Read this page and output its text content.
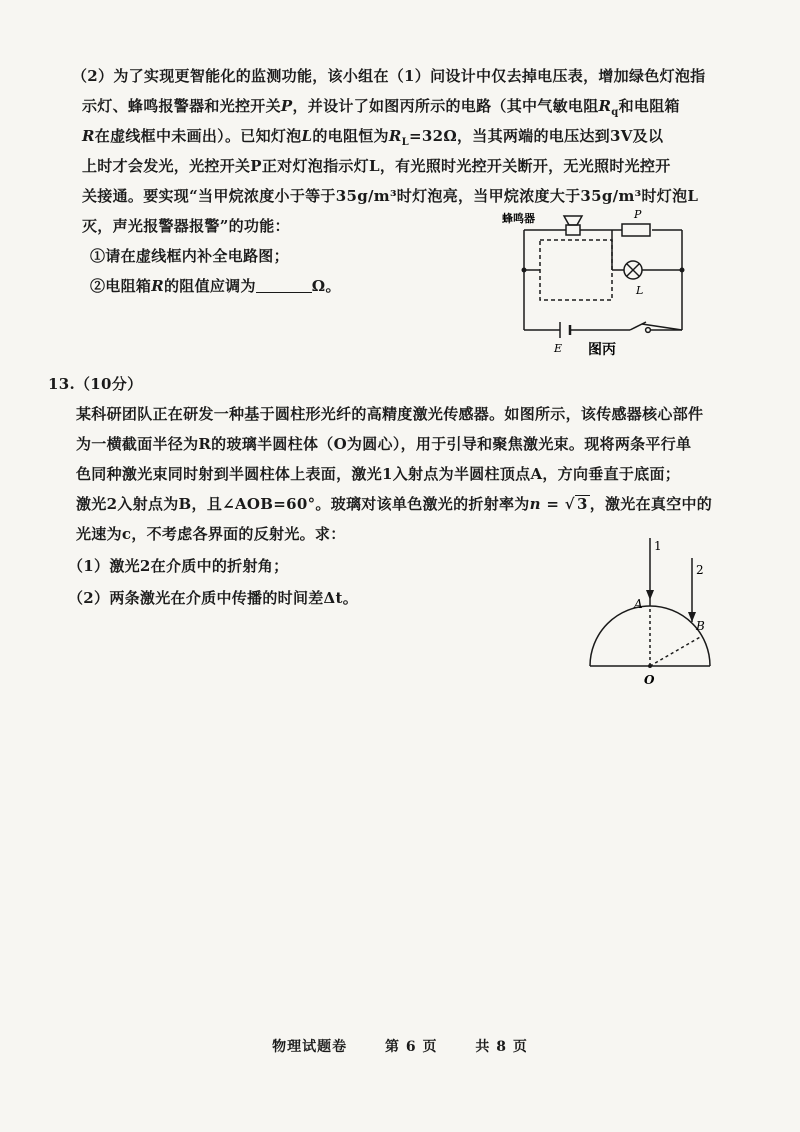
（2）为了实现更智能化的监测功能，该小组在（1）问设计中仅去掉电压表，增加绿色灯泡指
示灯、蜂鸣报警器和光控开关P，并设计了如图丙所示的电路（其中气敏电阻$R_q$和电阻箱
R在虚线框中未画出）。已知灯泡L的电阻恒为$R_L=32\Omega$，当其两端的电压达到3V及以
上时才会发光，光控开关P正对灯泡指示灯L，有光照时光控开关断开，无光照时光控开
关接通。要实现“当甲烷浓度小于等于35g/m³时灯泡亮，当甲烷浓度大于35g/m³时灯泡L
灭，声光报警器报警”的功能：
①请在虚线框内补全电路图；
②电阻箱R的阻值应调为	Ω。
蜂鸣器	P
L
E 图丙
13.（10分）
某科研团队正在研发一种基于圆柱形光纤的高精度激光传感器。如图所示，该传感器核心部件
为一横截面半径为R的玻璃半圆柱体（O为圆心），用于引导和聚焦激光束。现将两条平行单
色同种激光束同时射到半圆柱体上表面，激光1入射点为半圆柱顶点A，方向垂直于底面；
激光2入射点为B，且∠AOB=60°。玻璃对该单色激光的折射率为n = √ 3 ，激光在真空中的
光速为c，不考虑各界面的反射光。求：
（1）激光2在介质中的折射角；
（2）两条激光在介质中传播的时间差Δt。
1
2
A
B
O
物理试题卷	第 6 页	共 8 页
